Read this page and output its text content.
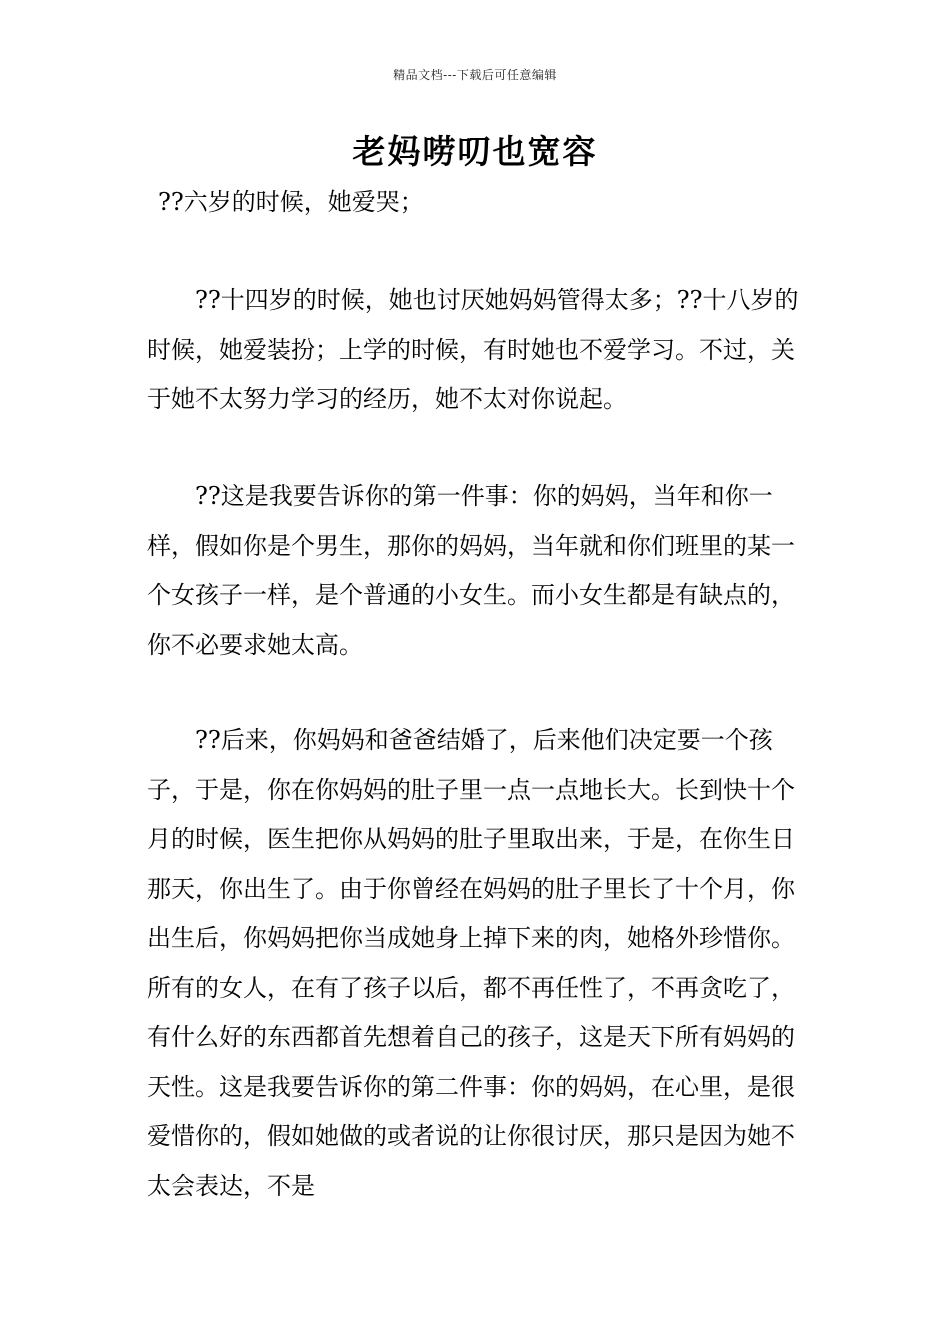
精品文档---下载后可任意编辑
老妈唠叨也宽容

??六岁的时候，她爱哭；

　　??十四岁的时候，她也讨厌她妈妈管得太多；??十八岁的时候，她爱装扮；上学的时候，有时她也不爱学习。不过，关于她不太努力学习的经历，她不太对你说起。

　　??这是我要告诉你的第一件事：你的妈妈，当年和你一样，假如你是个男生，那你的妈妈，当年就和你们班里的某一个女孩子一样，是个普通的小女生。而小女生都是有缺点的，你不必要求她太高。

　　??后来，你妈妈和爸爸结婚了，后来他们决定要一个孩子，于是，你在你妈妈的肚子里一点一点地长大。长到快十个月的时候，医生把你从妈妈的肚子里取出来，于是，在你生日那天，你出生了。由于你曾经在妈妈的肚子里长了十个月，你出生后，你妈妈把你当成她身上掉下来的肉，她格外珍惜你。所有的女人，在有了孩子以后，都不再任性了，不再贪吃了，有什么好的东西都首先想着自己的孩子，这是天下所有妈妈的天性。这是我要告诉你的第二件事：你的妈妈，在心里，是很爱惜你的，假如她做的或者说的让你很讨厌，那只是因为她不太会表达，不是
